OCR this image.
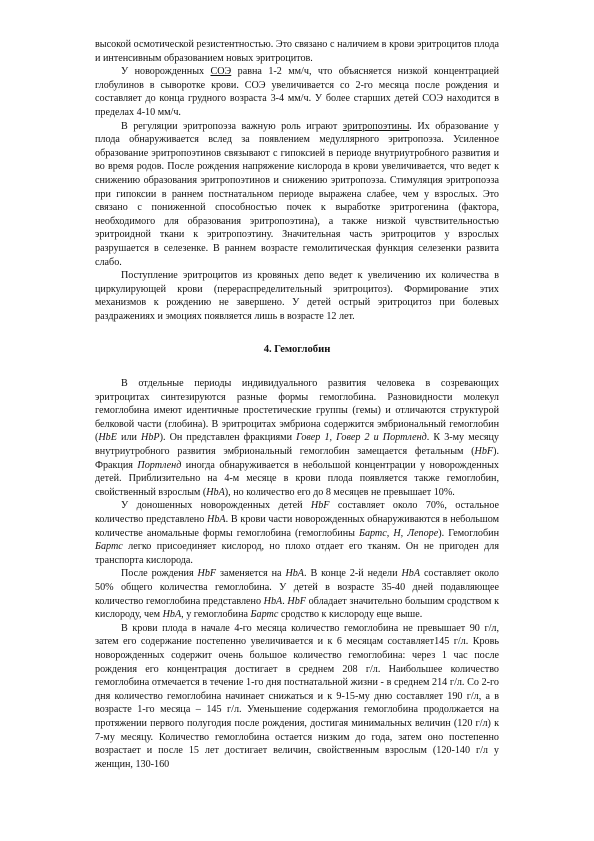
высокой осмотической резистентностью. Это связано с наличием в крови эритроцитов плода и интенсивным образованием новых эритроцитов.

У новорожденных СОЭ равна 1-2 мм/ч, что объясняется низкой концентрацией глобулинов в сыворотке крови. СОЭ увеличивается со 2-го месяца после рождения и составляет до конца грудного возраста 3-4 мм/ч. У более старших детей СОЭ находится в пределах 4-10 мм/ч.

В регуляции эритропоэза важную роль играют эритропоэтины. Их образование у плода обнаруживается вслед за появлением медуллярного эритропоэза. Усиленное образование эритропоэтинов связывают с гипоксией в периоде внутриутробного развития и во время родов. После рождения напряжение кислорода в крови увеличивается, что ведет к снижению образования эритропоэтинов и снижению эритропоэза. Стимуляция эритропоэза при гипоксии в раннем постнатальном периоде выражена слабее, чем у взрослых. Это связано с пониженной способностью почек к выработке эритрогенина (фактора, необходимого для образования эритропоэтина), а также низкой чувствительностью эритроидной ткани к эритропоэтину. Значительная часть эритроцитов у взрослых разрушается в селезенке. В раннем возрасте гемолитическая функция селезенки развита слабо.

Поступление эритроцитов из кровяных депо ведет к увеличению их количества в циркулирующей крови (перераспределительный эритроцитоз). Формирование этих механизмов к рождению не завершено. У детей острый эритроцитоз при болевых раздражениях и эмоциях появляется лишь в возрасте 12 лет.

4. Гемоглобин

В отдельные периоды индивидуального развития человека в созревающих эритроцитах синтезируются разные формы гемоглобина. Разновидности молекул гемоглобина имеют идентичные простетические группы (гемы) и отличаются структурой белковой части (глобина). В эритроцитах эмбриона содержится эмбриональный гемоглобин (HbE или HbP). Он представлен фракциями Говер 1, Говер 2 и Портленд. К 3-му месяцу внутриутробного развития эмбриональный гемоглобин замещается фетальным (HbF). Фракция Портленд иногда обнаруживается в небольшой концентрации у новорожденных детей. Приблизительно на 4-м месяце в крови плода появляется также гемоглобин, свойственный взрослым (HbA), но количество его до 8 месяцев не превышает 10%.

У доношенных новорожденных детей HbF составляет около 70%, остальное количество представлено HbA. В крови части новорожденных обнаруживаются в небольшом количестве аномальные формы гемоглобина (гемоглобины Бартс, Н, Лепоре). Гемоглобин Бартс легко присоединяет кислород, но плохо отдает его тканям. Он не пригоден для транспорта кислорода.

После рождения HbF заменяется на HbA. В конце 2-й недели HbA составляет около 50% общего количества гемоглобина. У детей в возрасте 35-40 дней подавляющее количество гемоглобина представлено HbA. HbF обладает значительно большим сродством к кислороду, чем HbA, у гемоглобина Бартс сродство к кислороду еще выше.

В крови плода в начале 4-го месяца количество гемоглобина не превышает 90 г/л, затем его содержание постепенно увеличивается и к 6 месяцам составляет145 г/л. Кровь новорожденных содержит очень большое количество гемоглобина: через 1 час после рождения его концентрация достигает в среднем 208 г/л. Наибольшее количество гемоглобина отмечается в течение 1-го дня постнатальной жизни - в среднем 214 г/л. Со 2-го дня количество гемоглобина начинает снижаться и к 9-15-му дню составляет 190 г/л, а в возрасте 1-го месяца – 145 г/л. Уменьшение содержания гемоглобина продолжается на протяжении первого полугодия после рождения, достигая минимальных величин (120 г/л) к 7-му месяцу. Количество гемоглобина остается низким до года, затем оно постепенно возрастает и после 15 лет достигает величин, свойственным взрослым (120-140 г/л у женщин, 130-160
